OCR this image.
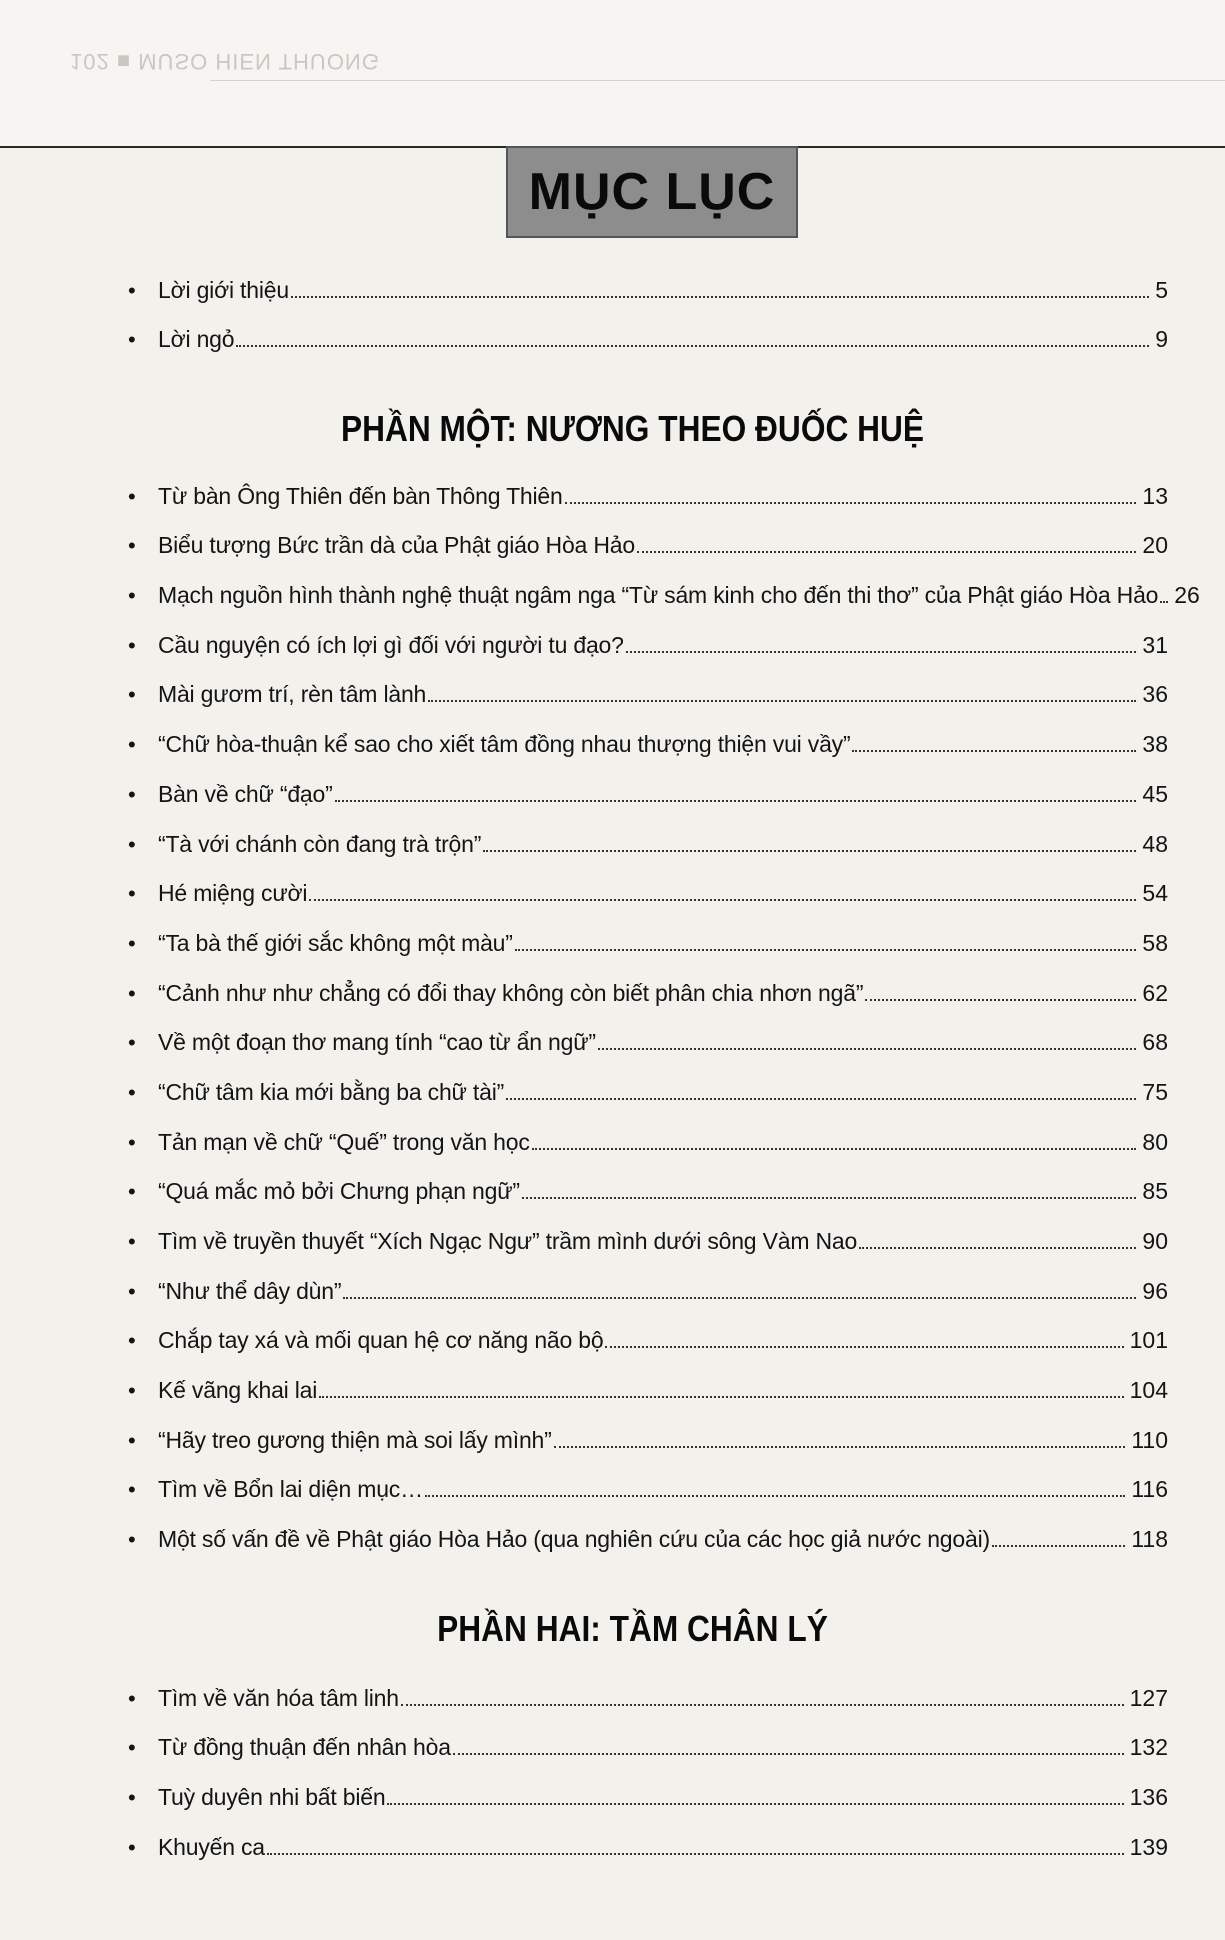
102 ■ MUSO HIEN THUONG
MỤC LỤC
• Lời giới thiệu	5
• Lời ngỏ	9
PHẦN MỘT: NƯƠNG THEO ĐUỐC HUỆ
• Từ bàn Ông Thiên đến bàn Thông Thiên	13
• Biểu tượng Bức trần dà của Phật giáo Hòa Hảo	20
• Mạch nguồn hình thành nghệ thuật ngâm nga “Từ sám kinh cho đến thi thơ” của Phật giáo Hòa Hảo 26
• Cầu nguyện có ích lợi gì đối với người tu đạo?	31
• Mài gươm trí, rèn tâm lành	36
• “Chữ hòa-thuận kể sao cho xiết tâm đồng nhau thượng thiện vui vầy”	38
• Bàn về chữ “đạo”	45
• “Tà với chánh còn đang trà trộn”	48
• Hé miệng cười	54
• “Ta bà thế giới sắc không một màu”	58
• “Cảnh như như chẳng có đổi thay không còn biết phân chia nhơn ngã”	62
• Về một đoạn thơ mang tính “cao từ ẩn ngữ”	68
• “Chữ tâm kia mới bằng ba chữ tài”	75
• Tản mạn về chữ “Quế” trong văn học	80
• “Quá mắc mỏ bởi Chưng phạn ngữ”	85
• Tìm về truyền thuyết “Xích Ngạc Ngư” trầm mình dưới sông Vàm Nao	90
• “Như thể dây dùn”	96
• Chắp tay xá và mối quan hệ cơ năng não bộ	101
• Kế vãng khai lai	104
• “Hãy treo gương thiện mà soi lấy mình”	110
• Tìm về Bổn lai diện mục…	116
• Một số vấn đề về Phật giáo Hòa Hảo (qua nghiên cứu của các học giả nước ngoài)	118
PHẦN HAI: TẦM CHÂN LÝ
• Tìm về văn hóa tâm linh	127
• Từ đồng thuận đến nhân hòa	132
• Tuỳ duyên nhi bất biến	136
• Khuyến ca	139
